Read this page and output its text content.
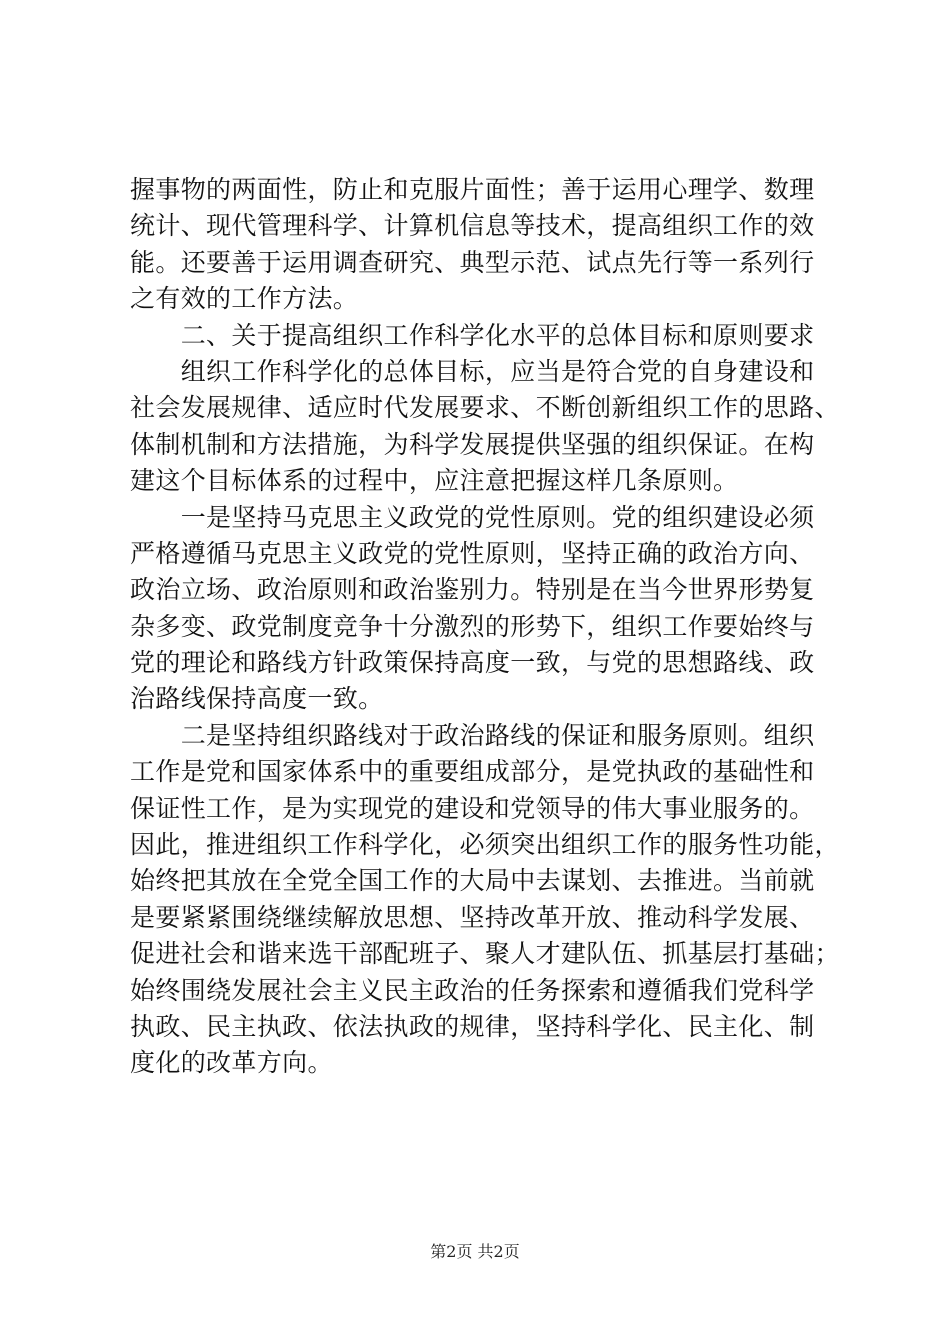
握事物的两面性，防止和克服片面性；善于运用心理学、数理
统计、现代管理科学、计算机信息等技术，提高组织工作的效
能。还要善于运用调查研究、典型示范、试点先行等一系列行
之有效的工作方法。
　　二、关于提高组织工作科学化水平的总体目标和原则要求
　　组织工作科学化的总体目标，应当是符合党的自身建设和
社会发展规律、适应时代发展要求、不断创新组织工作的思路、
体制机制和方法措施，为科学发展提供坚强的组织保证。在构
建这个目标体系的过程中，应注意把握这样几条原则。
　　一是坚持马克思主义政党的党性原则。党的组织建设必须
严格遵循马克思主义政党的党性原则，坚持正确的政治方向、
政治立场、政治原则和政治鉴别力。特别是在当今世界形势复
杂多变、政党制度竞争十分激烈的形势下，组织工作要始终与
党的理论和路线方针政策保持高度一致，与党的思想路线、政
治路线保持高度一致。
　　二是坚持组织路线对于政治路线的保证和服务原则。组织
工作是党和国家体系中的重要组成部分，是党执政的基础性和
保证性工作，是为实现党的建设和党领导的伟大事业服务的。
因此，推进组织工作科学化，必须突出组织工作的服务性功能，
始终把其放在全党全国工作的大局中去谋划、去推进。当前就
是要紧紧围绕继续解放思想、坚持改革开放、推动科学发展、
促进社会和谐来选干部配班子、聚人才建队伍、抓基层打基础；
始终围绕发展社会主义民主政治的任务探索和遵循我们党科学
执政、民主执政、依法执政的规律，坚持科学化、民主化、制
度化的改革方向。
第2页 共2页
